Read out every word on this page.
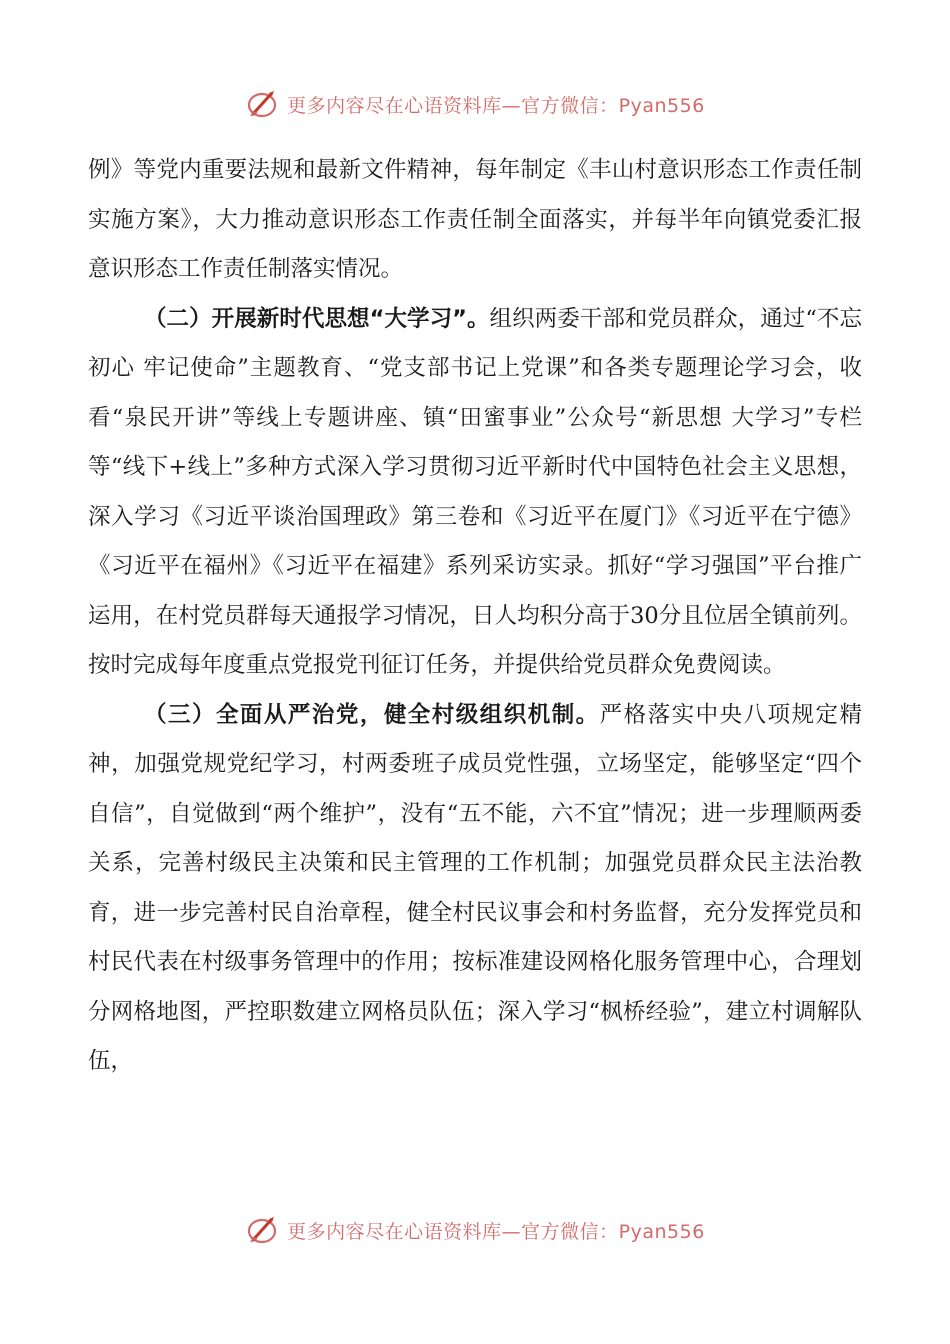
更多内容尽在心语资料库—官方微信：Pyan556

例》等党内重要法规和最新文件精神，每年制定《丰山村意识形态工作责任制实施方案》，大力推动意识形态工作责任制全面落实，并每半年向镇党委汇报意识形态工作责任制落实情况。

（二）开展新时代思想“大学习”。组织两委干部和党员群众，通过“不忘初心 牢记使命”主题教育、“党支部书记上党课”和各类专题理论学习会，收看“泉民开讲”等线上专题讲座、镇“田蜜事业”公众号“新思想 大学习”专栏等“线下+线上”多种方式深入学习贯彻习近平新时代中国特色社会主义思想，深入学习《习近平谈治国理政》第三卷和《习近平在厦门》《习近平在宁德》《习近平在福州》《习近平在福建》系列采访实录。抓好“学习强国”平台推广运用，在村党员群每天通报学习情况，日人均积分高于30分且位居全镇前列。按时完成每年度重点党报党刊征订任务，并提供给党员群众免费阅读。

（三）全面从严治党，健全村级组织机制。严格落实中央八项规定精神，加强党规党纪学习，村两委班子成员党性强，立场坚定，能够坚定“四个自信”，自觉做到“两个维护”，没有“五不能，六不宜”情况；进一步理顺两委关系，完善村级民主决策和民主管理的工作机制；加强党员群众民主法治教育，进一步完善村民自治章程，健全村民议事会和村务监督，充分发挥党员和村民代表在村级事务管理中的作用；按标准建设网格化服务管理中心，合理划分网格地图，严控职数建立网格员队伍；深入学习“枫桥经验”，建立村调解队伍，

更多内容尽在心语资料库—官方微信：Pyan556
